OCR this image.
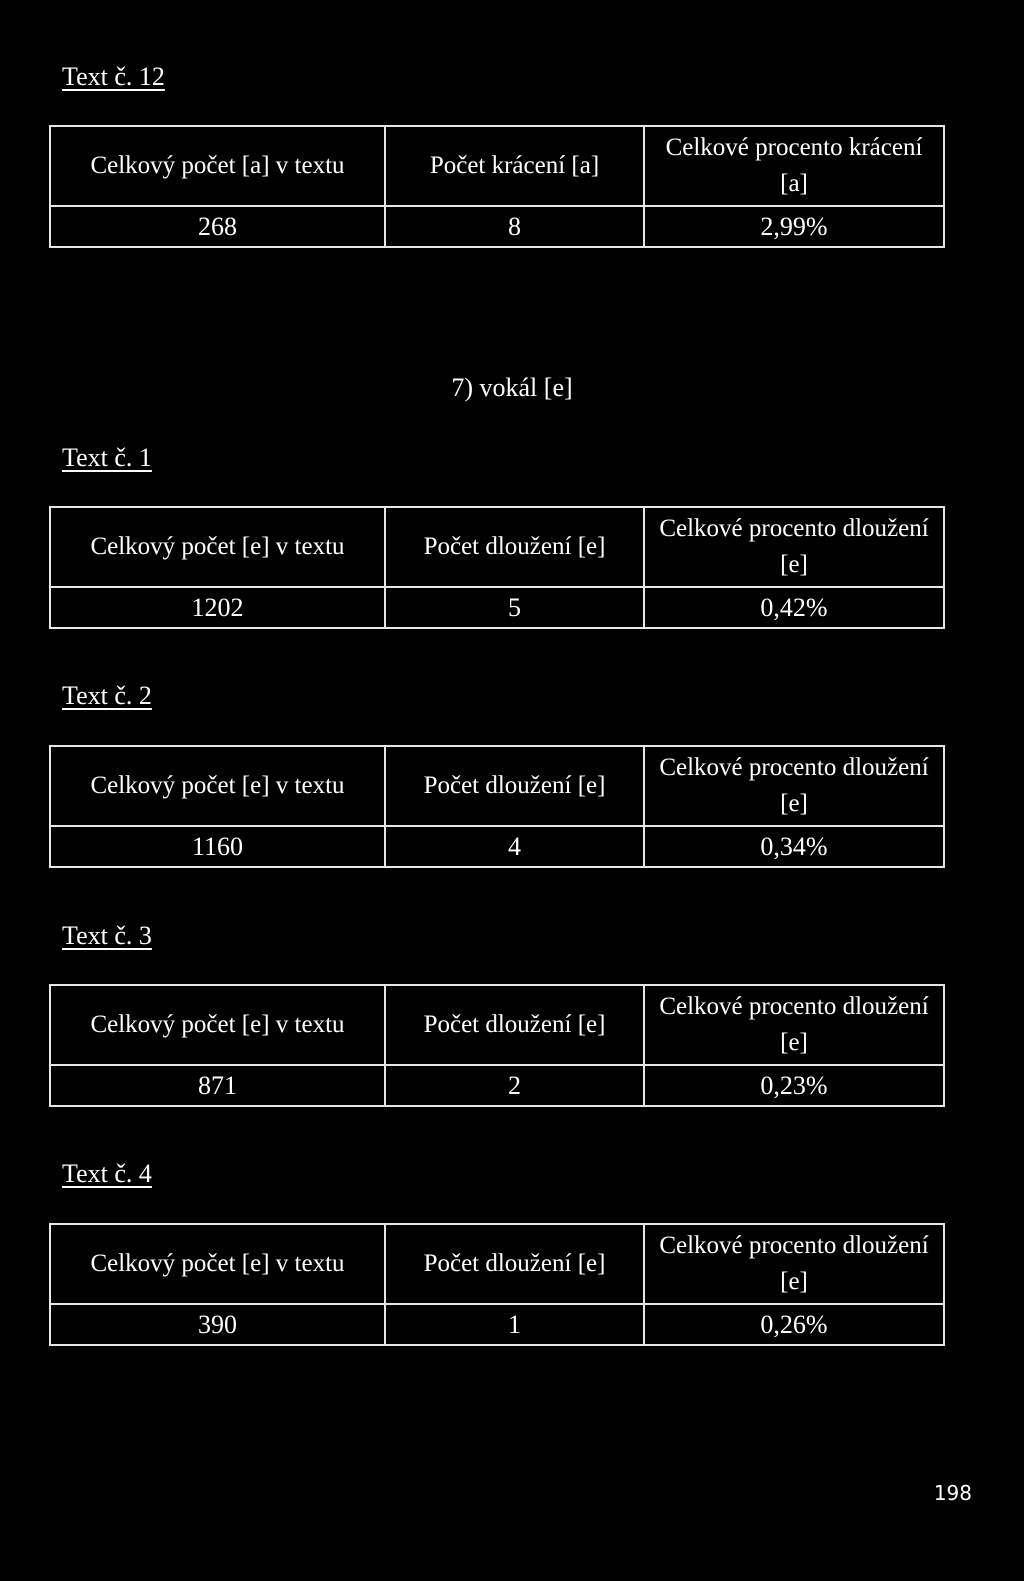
Text č. 12
Celkový počet [a] v textu	Počet krácení [a]	Celkové procento krácení [a]
268	8	2,99%
7) vokál [e]
Text č. 1
Celkový počet [e] v textu	Počet dloužení [e]	Celkové procento dloužení [e]
1202	5	0,42%
Text č. 2
Celkový počet [e] v textu	Počet dloužení [e]	Celkové procento dloužení [e]
1160	4	0,34%
Text č. 3
Celkový počet [e] v textu	Počet dloužení [e]	Celkové procento dloužení [e]
871	2	0,23%
Text č. 4
Celkový počet [e] v textu	Počet dloužení [e]	Celkové procento dloužení [e]
390	1	0,26%
198
